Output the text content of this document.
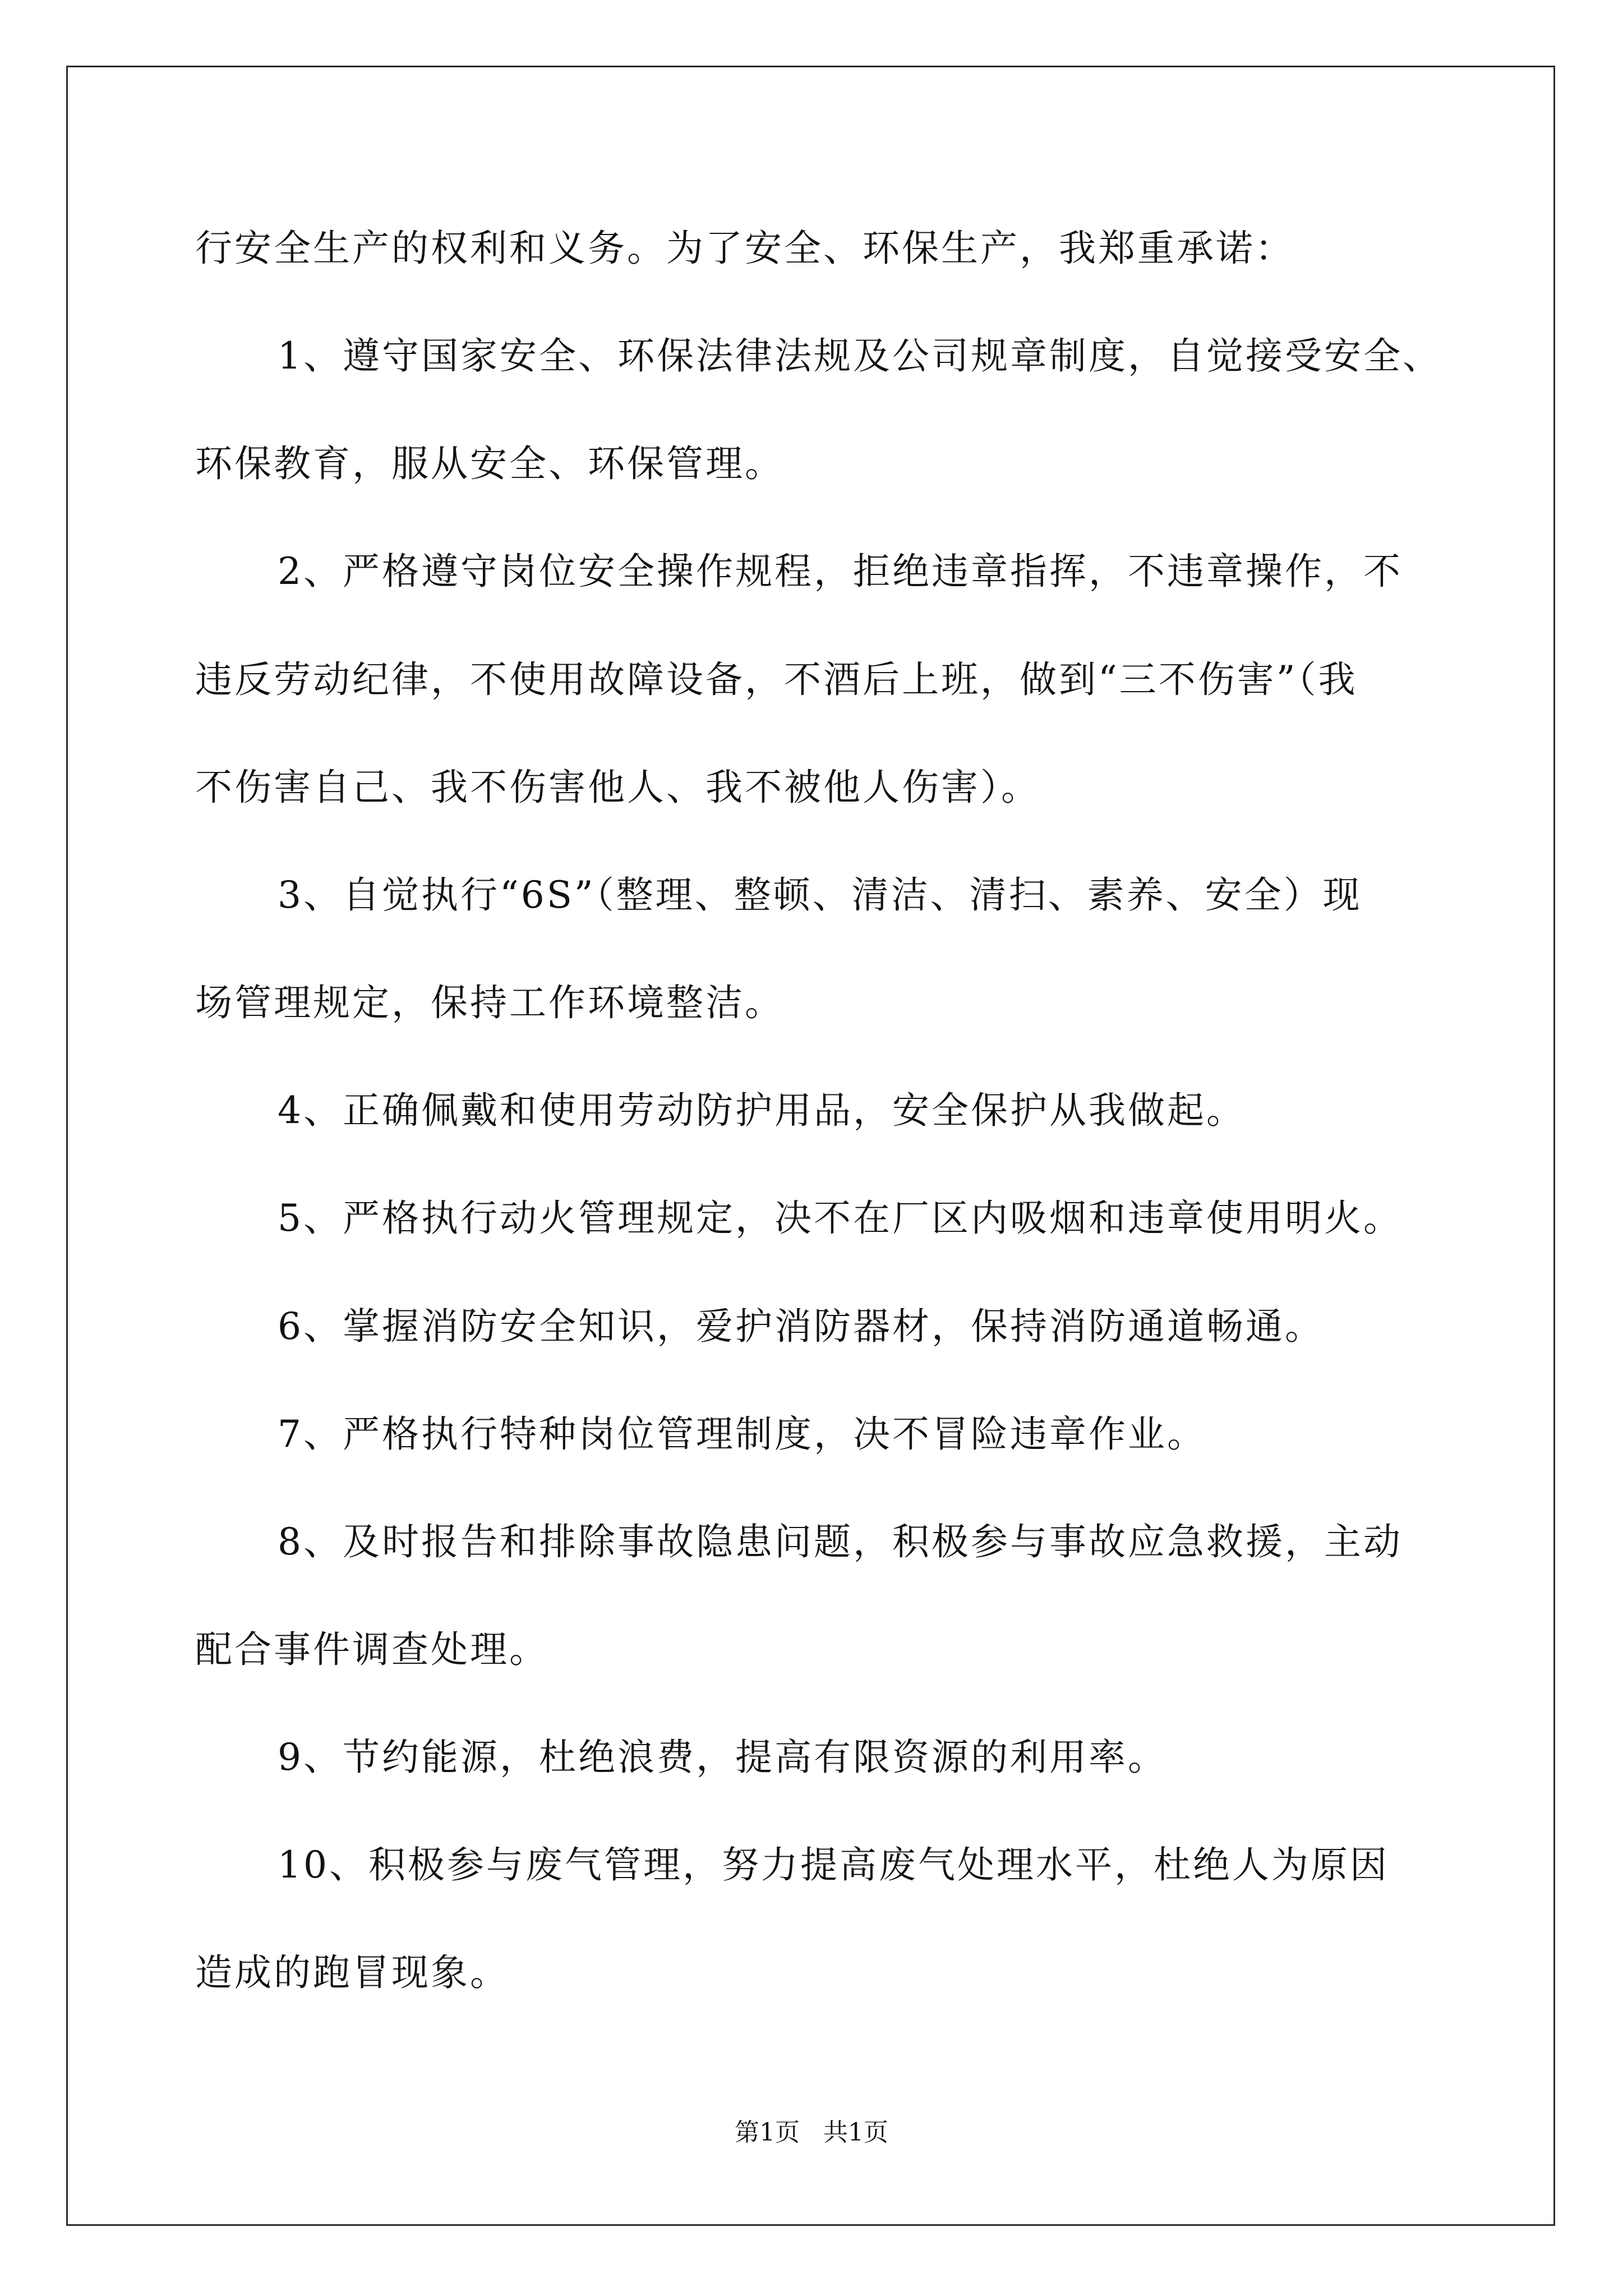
行安全生产的权利和义务。为了安全、环保生产，我郑重承诺：

1、遵守国家安全、环保法律法规及公司规章制度，自觉接受安全、

环保教育，服从安全、环保管理。

2、严格遵守岗位安全操作规程，拒绝违章指挥，不违章操作，不

违反劳动纪律，不使用故障设备，不酒后上班，做到“三不伤害”（我

不伤害自己、我不伤害他人、我不被他人伤害）。

3、自觉执行“6S”（整理、整顿、清洁、清扫、素养、安全）现

场管理规定，保持工作环境整洁。

4、正确佩戴和使用劳动防护用品，安全保护从我做起。

5、严格执行动火管理规定，决不在厂区内吸烟和违章使用明火。

6、掌握消防安全知识，爱护消防器材，保持消防通道畅通。

7、严格执行特种岗位管理制度，决不冒险违章作业。

8、及时报告和排除事故隐患问题，积极参与事故应急救援，主动

配合事件调查处理。

9、节约能源，杜绝浪费，提高有限资源的利用率。

10、积极参与废气管理，努力提高废气处理水平，杜绝人为原因

造成的跑冒现象。

第1页   共1页
